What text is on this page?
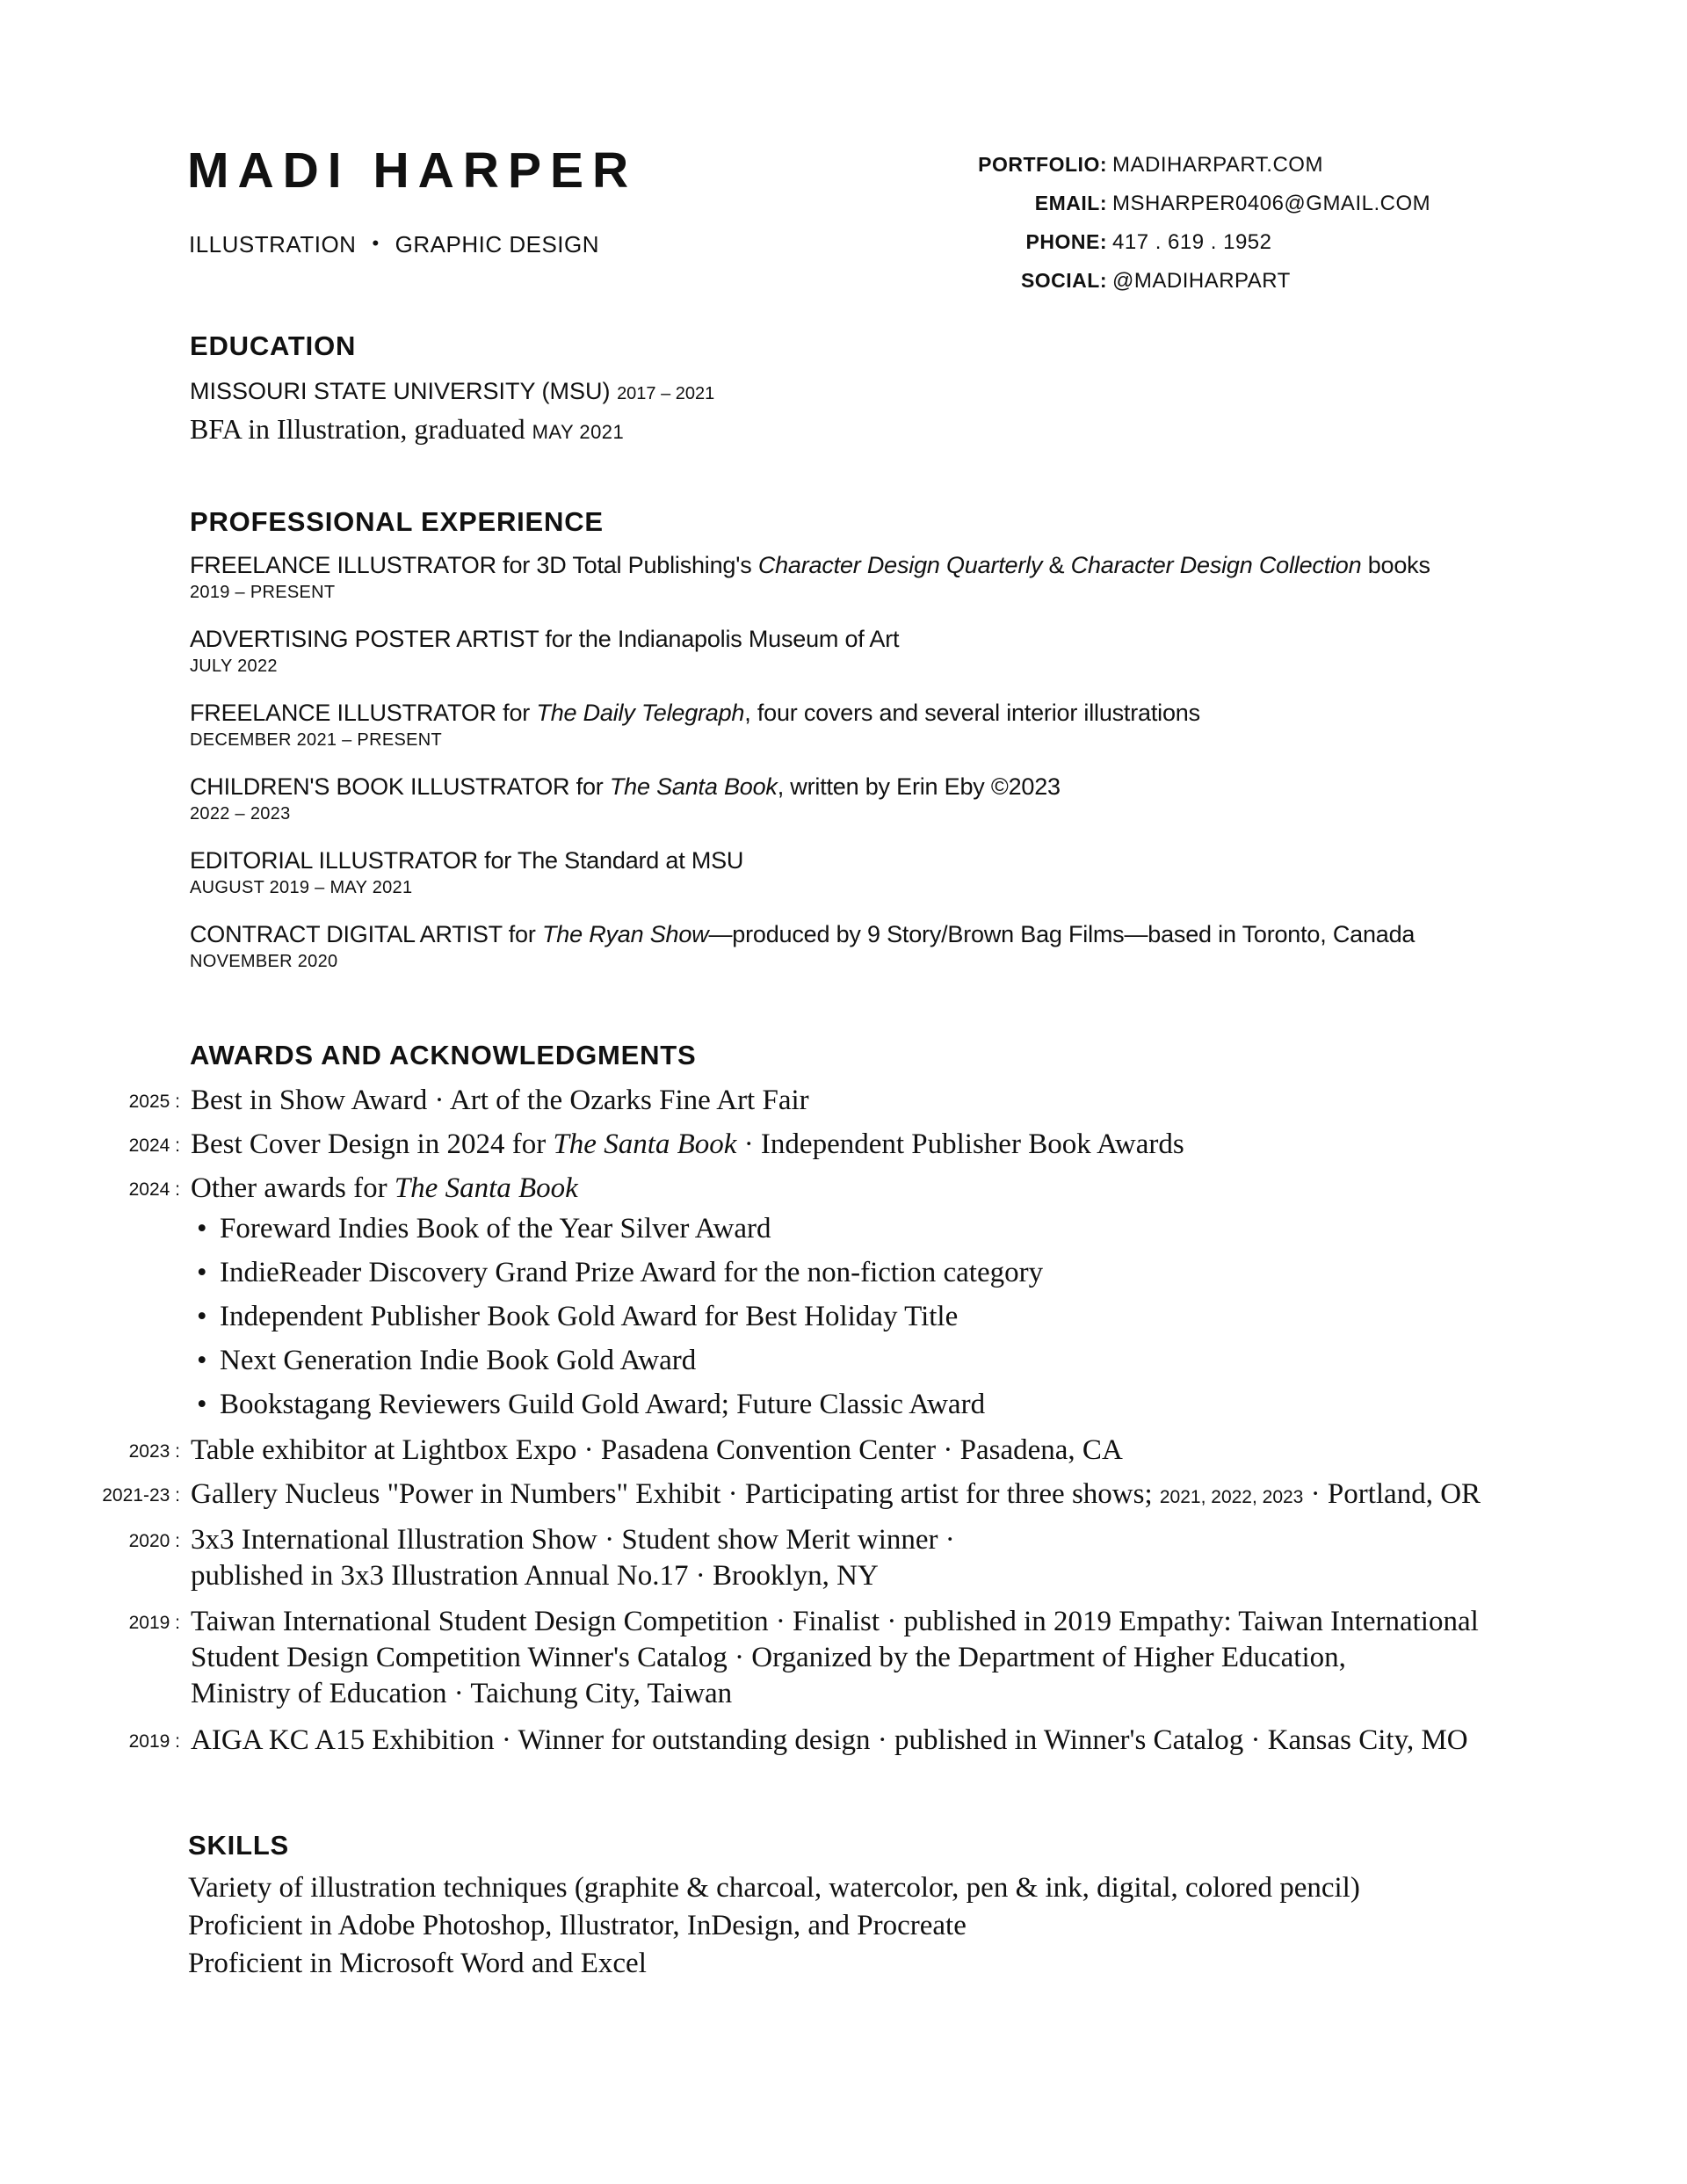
MADI HARPER
ILLUSTRATION • GRAPHIC DESIGN
PORTFOLIO: MADIHARPART.COM
EMAIL: MSHARPER0406@GMAIL.COM
PHONE: 417 . 619 . 1952
SOCIAL: @MADIHARPART
EDUCATION
MISSOURI STATE UNIVERSITY (MSU) 2017 – 2021
BFA in Illustration, graduated MAY 2021
PROFESSIONAL EXPERIENCE
FREELANCE ILLUSTRATOR for 3D Total Publishing's Character Design Quarterly & Character Design Collection books
2019 – PRESENT
ADVERTISING POSTER ARTIST for the Indianapolis Museum of Art
JULY 2022
FREELANCE ILLUSTRATOR for The Daily Telegraph, four covers and several interior illustrations
DECEMBER 2021 – PRESENT
CHILDREN'S BOOK ILLUSTRATOR for The Santa Book, written by Erin Eby ©2023
2022 – 2023
EDITORIAL ILLUSTRATOR for The Standard at MSU
AUGUST 2019 – MAY 2021
CONTRACT DIGITAL ARTIST for The Ryan Show—produced by 9 Story/Brown Bag Films—based in Toronto, Canada
NOVEMBER 2020
AWARDS AND ACKNOWLEDGMENTS
2025 : Best in Show Award · Art of the Ozarks Fine Art Fair
2024 : Best Cover Design in 2024 for The Santa Book · Independent Publisher Book Awards
2024 : Other awards for The Santa Book
• Foreward Indies Book of the Year Silver Award
• IndieReader Discovery Grand Prize Award for the non-fiction category
• Independent Publisher Book Gold Award for Best Holiday Title
• Next Generation Indie Book Gold Award
• Bookstagang Reviewers Guild Gold Award; Future Classic Award
2023 : Table exhibitor at Lightbox Expo · Pasadena Convention Center · Pasadena, CA
2021-23 : Gallery Nucleus "Power in Numbers" Exhibit · Participating artist for three shows; 2021, 2022, 2023 · Portland, OR
2020 : 3x3 International Illustration Show · Student show Merit winner ·
published in 3x3 Illustration Annual No.17 · Brooklyn, NY
2019 : Taiwan International Student Design Competition · Finalist · published in 2019 Empathy: Taiwan International
Student Design Competition Winner's Catalog · Organized by the Department of Higher Education,
Ministry of Education · Taichung City, Taiwan
2019 : AIGA KC A15 Exhibition · Winner for outstanding design · published in Winner's Catalog · Kansas City, MO
SKILLS
Variety of illustration techniques (graphite & charcoal, watercolor, pen & ink, digital, colored pencil)
Proficient in Adobe Photoshop, Illustrator, InDesign, and Procreate
Proficient in Microsoft Word and Excel
